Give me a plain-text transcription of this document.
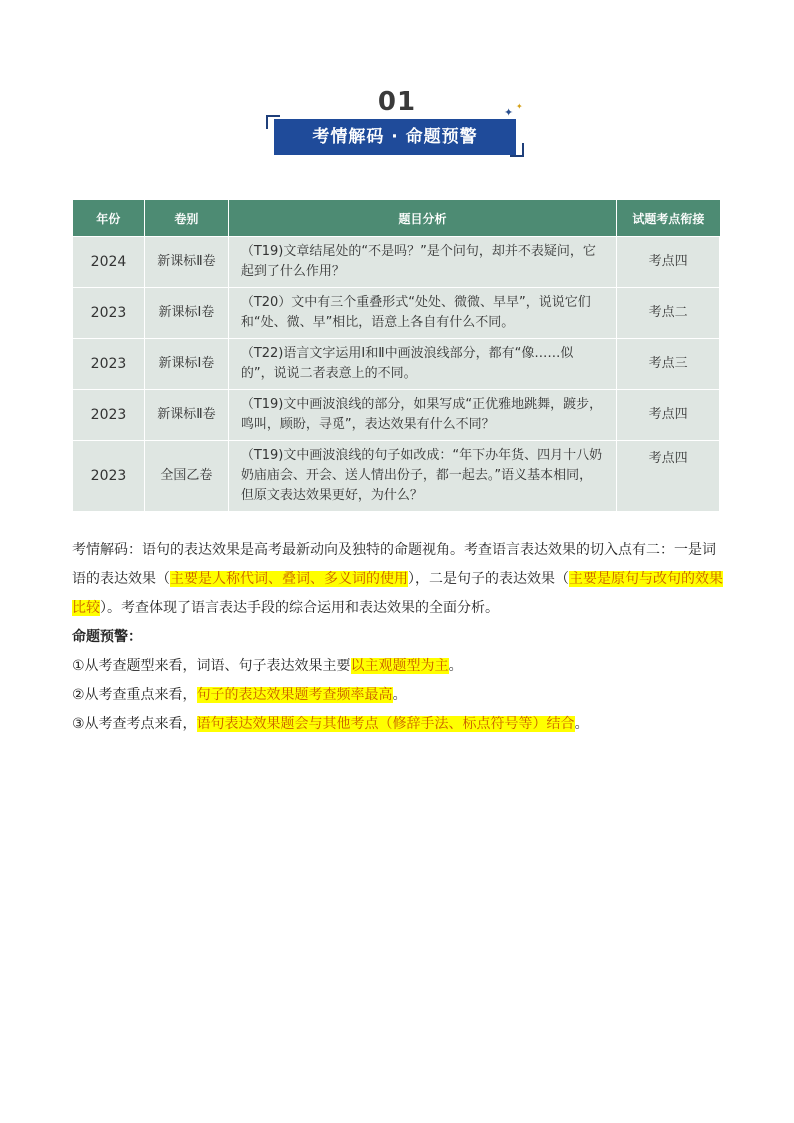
01
考情解码 · 命题预警
✦ ✦
年份	卷别	题目分析	试题考点衔接
2024	新课标Ⅱ卷	（T19)文章结尾处的“不是吗？”是个问句，却并不表疑问，它起到了什么作用？	考点四
2023	新课标Ⅰ卷	（T20）文中有三个重叠形式“处处、微微、早早”，说说它们和“处、微、早”相比，语意上各自有什么不同。	考点二
2023	新课标Ⅰ卷	（T22)语言文字运用Ⅰ和Ⅱ中画波浪线部分，都有“像……似的”，说说二者表意上的不同。	考点三
2023	新课标Ⅱ卷	（T19)文中画波浪线的部分，如果写成“正优雅地跳舞，踱步，鸣叫，顾盼，寻觅”，表达效果有什么不同？	考点四
2023	全国乙卷	（T19)文中画波浪线的句子如改成：“年下办年货、四月十八奶奶庙庙会、开会、送人情出份子，都一起去。”语义基本相同，但原文表达效果更好，为什么？	考点四

考情解码：语句的表达效果是高考最新动向及独特的命题视角。考查语言表达效果的切入点有二：一是词语的表达效果（主要是人称代词、叠词、多义词的使用），二是句子的表达效果（主要是原句与改句的效果比较）。考查体现了语言表达手段的综合运用和表达效果的全面分析。

命题预警：

①从考查题型来看，词语、句子表达效果主要以主观题型为主。

②从考查重点来看，句子的表达效果题考查频率最高。

③从考查考点来看，语句表达效果题会与其他考点（修辞手法、标点符号等）结合。
